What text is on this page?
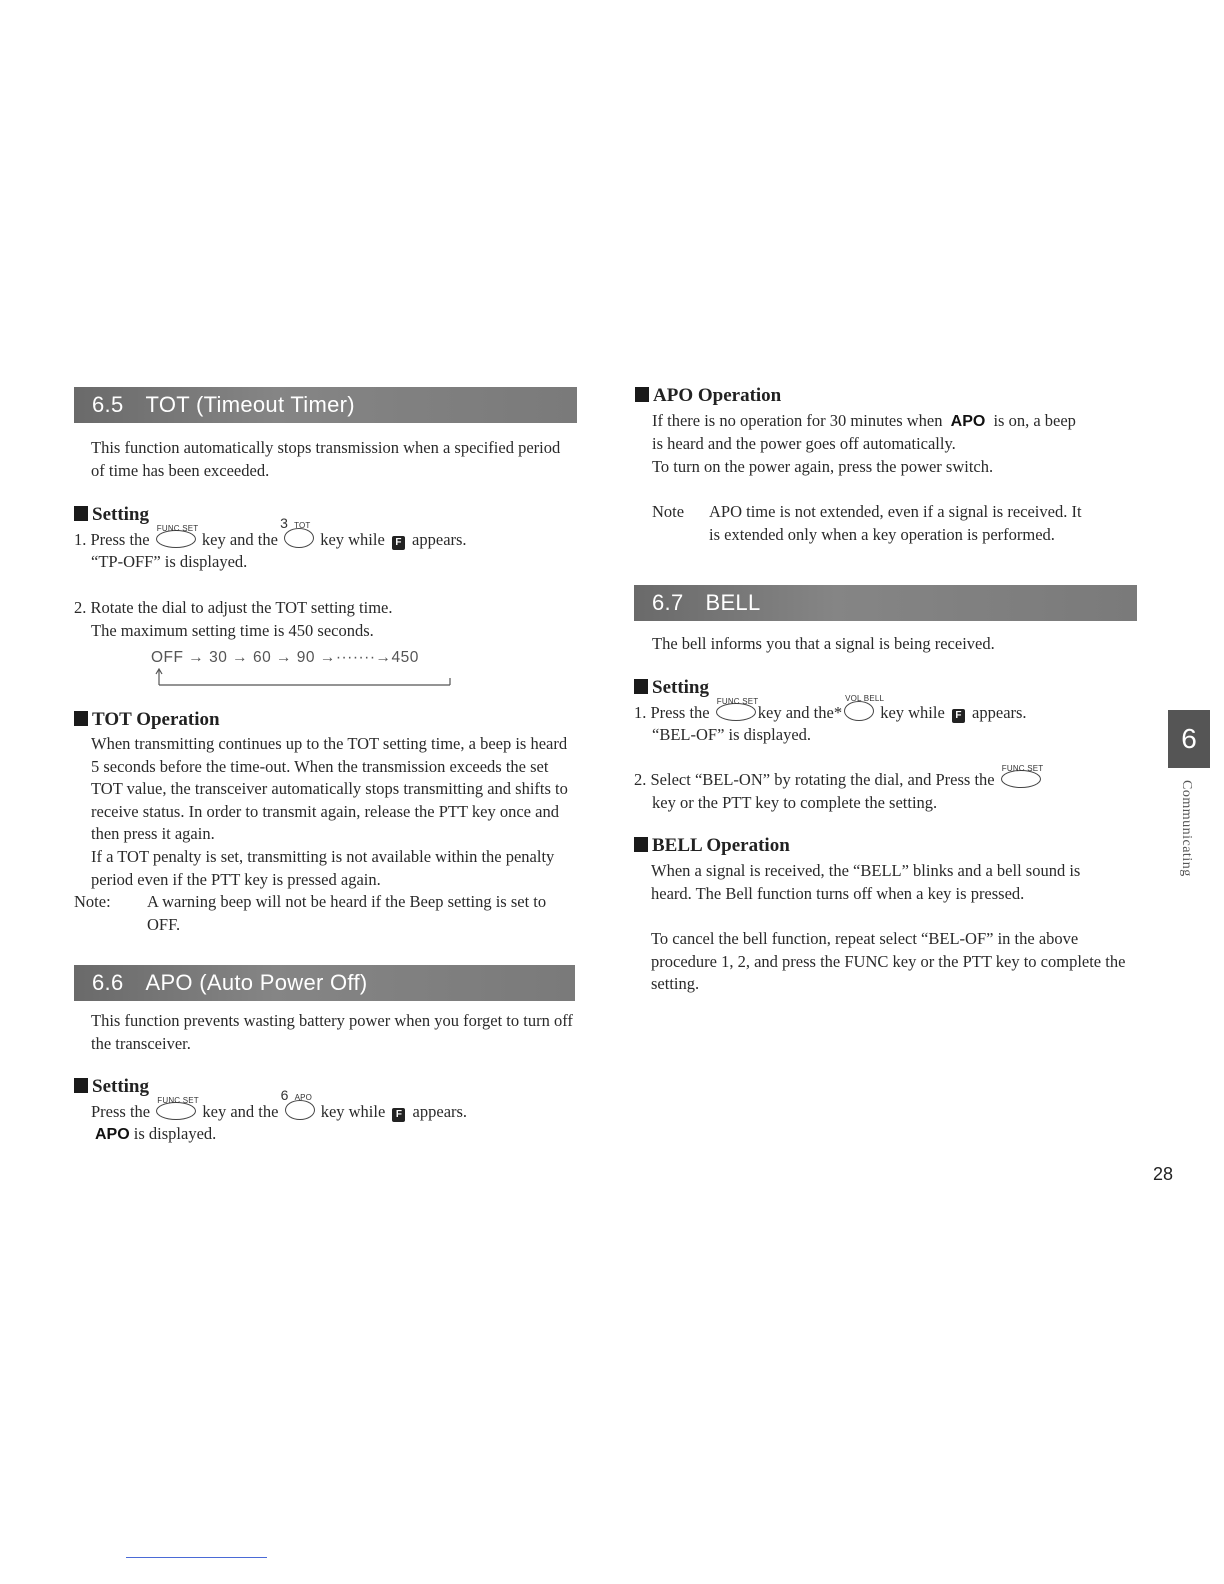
6.5 TOT (Timeout Timer)
This function automatically stops transmission when a specified period of time has been exceeded.
Setting
1. Press the
FUNC SET
key and the
3 TOT
key while F appears.
“TP-OFF” is displayed.
2. Rotate the dial to adjust the TOT setting time.
The maximum setting time is 450 seconds.
OFF → 30 → 60 → 90 →·······→450
TOT Operation
When transmitting continues up to the TOT setting time, a beep is heard 5 seconds before the time-out. When the transmission exceeds the set TOT value, the transceiver automatically stops transmitting and shifts to receive status. In order to transmit again, release the PTT key once and then press it again.
If a TOT penalty is set, transmitting is not available within the penalty period even if the PTT key is pressed again.
Note: A warning beep will not be heard if the Beep setting is set to OFF.
6.6 APO (Auto Power Off)
This function prevents wasting battery power when you forget to turn off the transceiver.
Setting
Press the
FUNC SET
key and the
6 APO
key while F appears.
APO is displayed.
APO Operation
If there is no operation for 30 minutes when APO is on, a beep
is heard and the power goes off automatically.
To turn on the power again, press the power switch.
Note APO time is not extended, even if a signal is received. It
is extended only when a key operation is performed.
6.7 BELL
The bell informs you that a signal is being received.
Setting
1. Press the
FUNC SET
key and the*
VOL BELL
key while F appears.
“BEL-OF” is displayed.
2. Select “BEL-ON” by rotating the dial, and Press the
FUNC SET
key or the PTT key to complete the setting.
BELL Operation
When a signal is received, the “BELL” blinks and a bell sound is heard. The Bell function turns off when a key is pressed.
To cancel the bell function, repeat select “BEL-OF” in the above procedure 1, 2, and press the FUNC key or the PTT key to complete the setting.
6
Communicating
28
